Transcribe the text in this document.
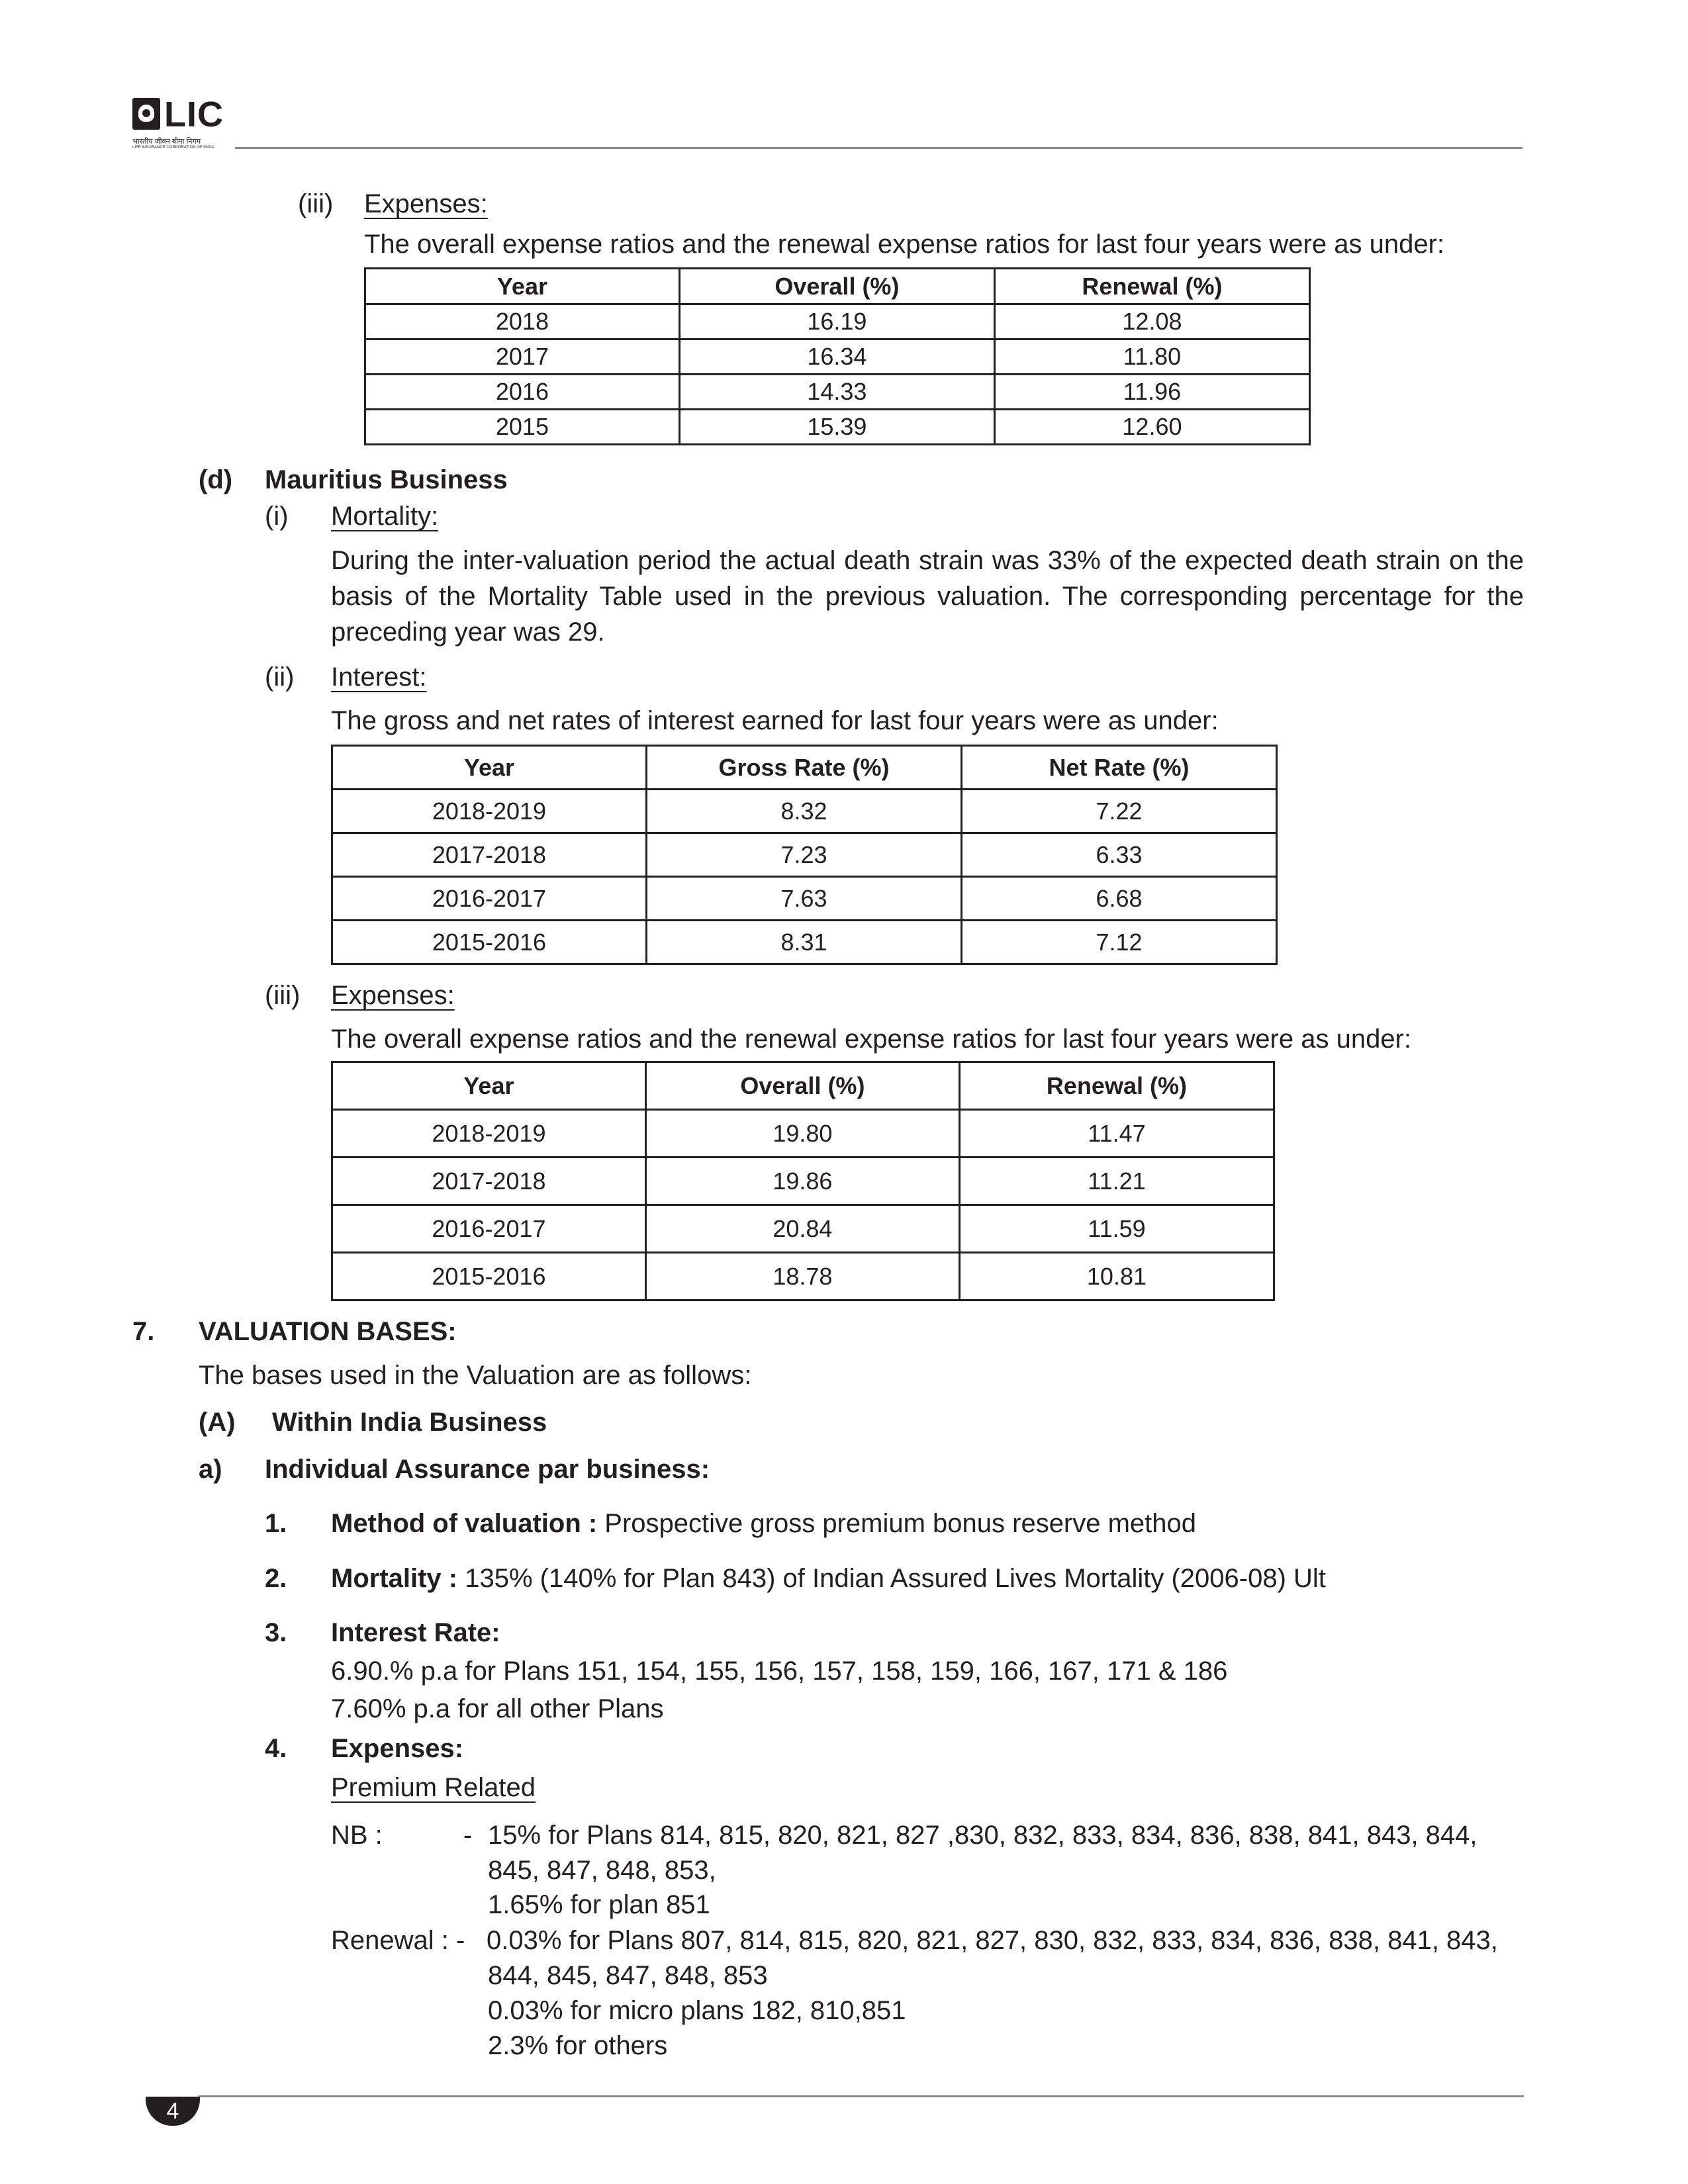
LIC
भारतीय जीवन बीमा निगम
LIFE INSURANCE CORPORATION OF INDIA
(iii) Expenses:
The overall expense ratios and the renewal expense ratios for last four years were as under:
Year	Overall (%)	Renewal (%)
2018	16.19	12.08
2017	16.34	11.80
2016	14.33	11.96
2015	15.39	12.60
(d) Mauritius Business
(i) Mortality:
During the inter-valuation period the actual death strain was 33% of the expected death strain on the basis of the Mortality Table used in the previous valuation. The corresponding percentage for the preceding year was 29.
(ii) Interest:
The gross and net rates of interest earned for last four years were as under:
Year	Gross Rate (%)	Net Rate (%)
2018-2019	8.32	7.22
2017-2018	7.23	6.33
2016-2017	7.63	6.68
2015-2016	8.31	7.12
(iii) Expenses:
The overall expense ratios and the renewal expense ratios for last four years were as under:
Year	Overall (%)	Renewal (%)
2018-2019	19.80	11.47
2017-2018	19.86	11.21
2016-2017	20.84	11.59
2015-2016	18.78	10.81
7. VALUATION BASES:
The bases used in the Valuation are as follows:
(A) Within India Business
a) Individual Assurance par business:
1. Method of valuation : Prospective gross premium bonus reserve method
2. Mortality : 135% (140% for Plan 843) of Indian Assured Lives Mortality (2006-08) Ult
3. Interest Rate:
6.90.% p.a for Plans 151, 154, 155, 156, 157, 158, 159, 166, 167, 171 & 186
7.60% p.a for all other Plans
4. Expenses:
Premium Related
NB :	- 15% for Plans 814, 815, 820, 821, 827 ,830, 832, 833, 834, 836, 838, 841, 843, 844,
845, 847, 848, 853,
1.65% for plan 851
Renewal : - 0.03% for Plans 807, 814, 815, 820, 821, 827, 830, 832, 833, 834, 836, 838, 841, 843,
844, 845, 847, 848, 853
0.03% for micro plans 182, 810,851
2.3% for others
4
